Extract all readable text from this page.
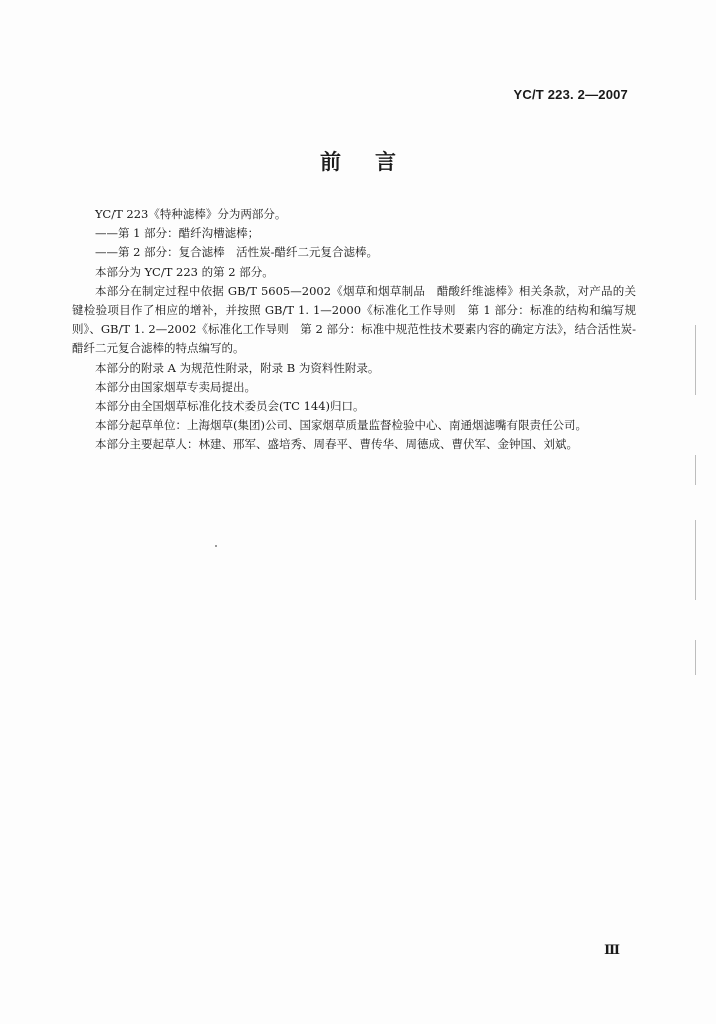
YC/T 223. 2—2007
前言

YC/T 223《特种滤棒》分为两部分。

——第 1 部分：醋纤沟槽滤棒；

——第 2 部分：复合滤棒　活性炭-醋纤二元复合滤棒。

本部分为 YC/T 223 的第 2 部分。

本部分在制定过程中依据 GB/T 5605—2002《烟草和烟草制品　醋酸纤维滤棒》相关条款，对产品的关键检验项目作了相应的增补，并按照 GB/T 1. 1—2000《标准化工作导则　第 1 部分：标准的结构和编写规则》、GB/T 1. 2—2002《标准化工作导则　第 2 部分：标准中规范性技术要素内容的确定方法》，结合活性炭-醋纤二元复合滤棒的特点编写的。

本部分的附录 A 为规范性附录，附录 B 为资料性附录。

本部分由国家烟草专卖局提出。

本部分由全国烟草标准化技术委员会(TC 144)归口。

本部分起草单位：上海烟草(集团)公司、国家烟草质量监督检验中心、南通烟滤嘴有限责任公司。

本部分主要起草人：林建、邢军、盛培秀、周春平、曹传华、周德成、曹伏军、金钟国、刘斌。

Ⅲ
